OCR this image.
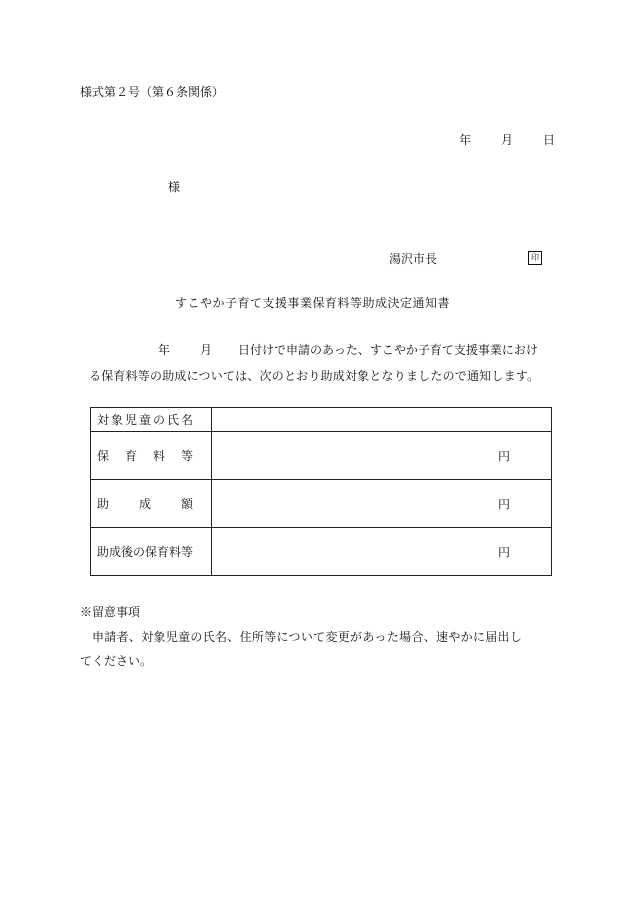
様式第２号（第６条関係）
年	月	日
様
湯沢市長	印
すこやか子育て支援事業保育料等助成決定通知書
年	月 日付けで申請のあった、すこやか子育て支援事業におけ
る保育料等の助成については、次のとおり助成対象となりましたので通知します。
対象児童の氏名	

保 育 料 等	円

助 成 額	円

助成後の保育料等	円
※留意事項
申請者、対象児童の氏名、住所等について変更があった場合、速やかに届出し
てください。
